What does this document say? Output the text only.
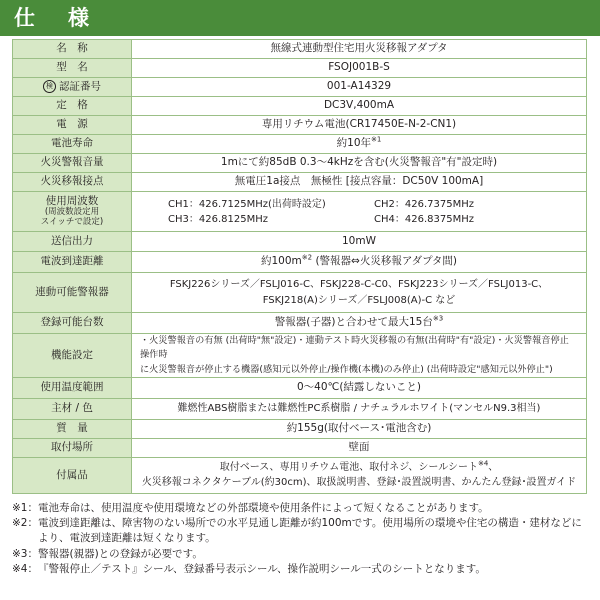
仕　様
名　称	無線式連動型住宅用火災移報アダプタ
型　名	FSOJ001B-S
検 認証番号	001-A14329
定　格	DC3V,400mA
電　源	専用リチウム電池(CR17450E-N-2-CN1)
電池寿命	約10年$^{※1}$
火災警報音量	1mにて約85dB 0.3～4kHzを含む(火災警報音"有"設定時)
火災移報接点	無電圧1a接点　無極性 [接点容量：DC50V 100mA]

使用周波数
(周波数設定用
スイッチで設定)	CH1：426.7125MHz(出荷時設定) CH2：426.7375MHz
CH3：426.8125MHz CH4：426.8375MHz

送信出力	10mW
電波到達距離	約$100m^{※2}$ (警報器⇔火災移報アダプタ間)
連動可能警報器	FSKJ226シリーズ／FSLJ016-C、FSKJ228-C-C0、FSKJ223シリーズ／FSLJ013-C、
FSKJ218(A)シリーズ／FSLJ008(A)-C など

登録可能台数	警報器(子器)と合わせて最大15台$^{※3}$
機能設定	・火災警報音の有無 (出荷時"無"設定)・連動テスト時火災移報の有無(出荷時"有"設定)・火災警報音停止操作時
に火災警報音が停止する機器(感知元以外停止/操作機(本機)のみ停止) (出荷時設定"感知元以外停止")

使用温度範囲	0～40℃(結露しないこと)
主材 / 色	難燃性ABS樹脂または難燃性PC系樹脂 / ナチュラルホワイト(マンセルN9.3相当)
質　量	約155g(取付ベース･電池含む)
取付場所	壁面
付属品	取付ベース、専用リチウム電池、取付ネジ、シールシート$^{※4}$、
火災移報コネクタケーブル(約30cm)、取扱説明書、登録･設置説明書、かんたん登録･設置ガイド
※1： 電池寿命は、使用温度や使用環境などの外部環境や使用条件によって短くなることがあります。
※2： 電波到達距離は、障害物のない場所での水平見通し距離が約100mです。使用場所の環境や住宅の構造・建材などにより、電波到達距離は短くなります。
※3： 警報器(親器)との登録が必要です。
※4： 『警報停止／テスト』シール、登録番号表示シール、操作説明シール一式のシートとなります。
